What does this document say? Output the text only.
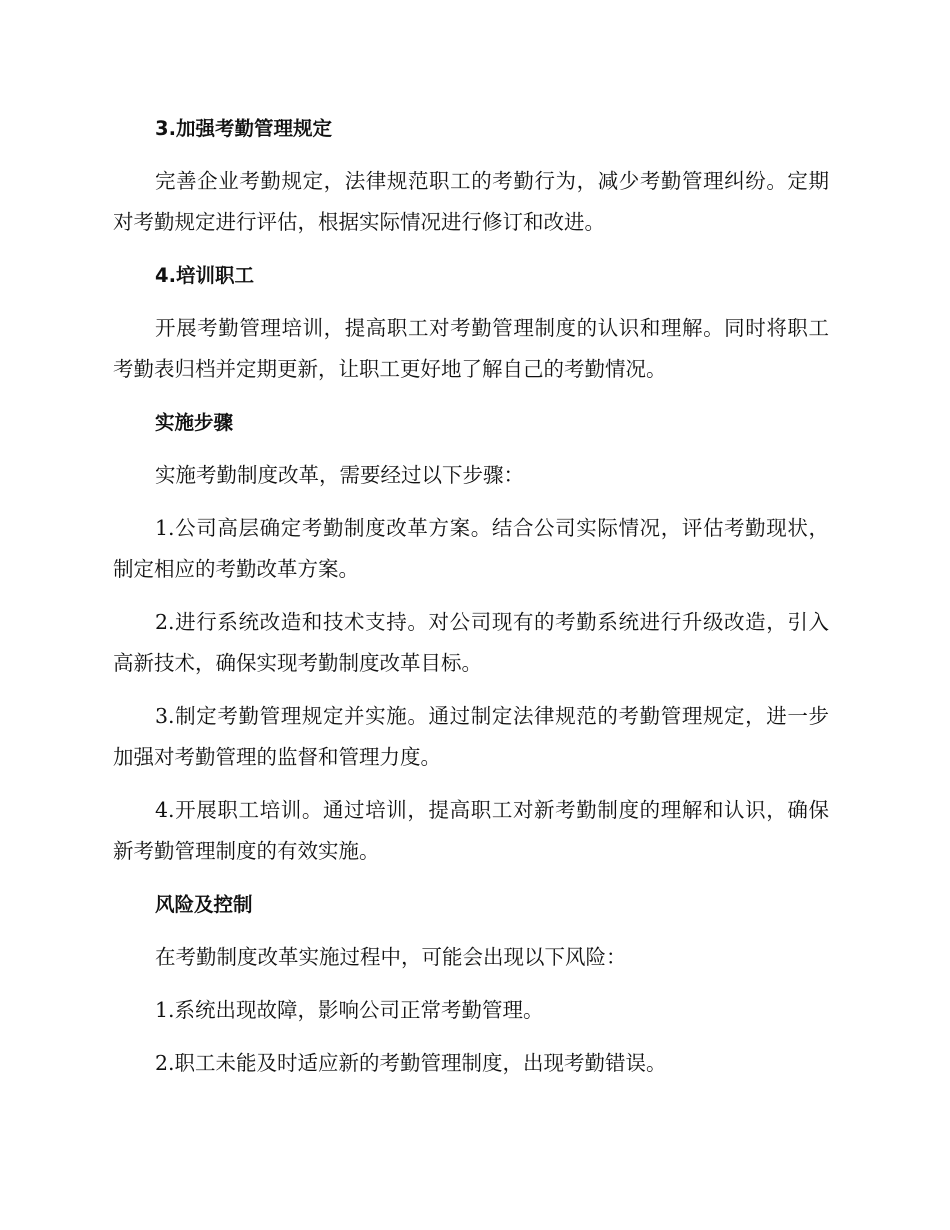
3.加强考勤管理规定
完善企业考勤规定，法律规范职工的考勤行为，减少考勤管理纠纷。定期对考勤规定进行评估，根据实际情况进行修订和改进。
4.培训职工
开展考勤管理培训，提高职工对考勤管理制度的认识和理解。同时将职工考勤表归档并定期更新，让职工更好地了解自己的考勤情况。
实施步骤
实施考勤制度改革，需要经过以下步骤：
1.公司高层确定考勤制度改革方案。结合公司实际情况，评估考勤现状，制定相应的考勤改革方案。
2.进行系统改造和技术支持。对公司现有的考勤系统进行升级改造，引入高新技术，确保实现考勤制度改革目标。
3.制定考勤管理规定并实施。通过制定法律规范的考勤管理规定，进一步加强对考勤管理的监督和管理力度。
4.开展职工培训。通过培训，提高职工对新考勤制度的理解和认识，确保新考勤管理制度的有效实施。
风险及控制
在考勤制度改革实施过程中，可能会出现以下风险：
1.系统出现故障，影响公司正常考勤管理。
2.职工未能及时适应新的考勤管理制度，出现考勤错误。
